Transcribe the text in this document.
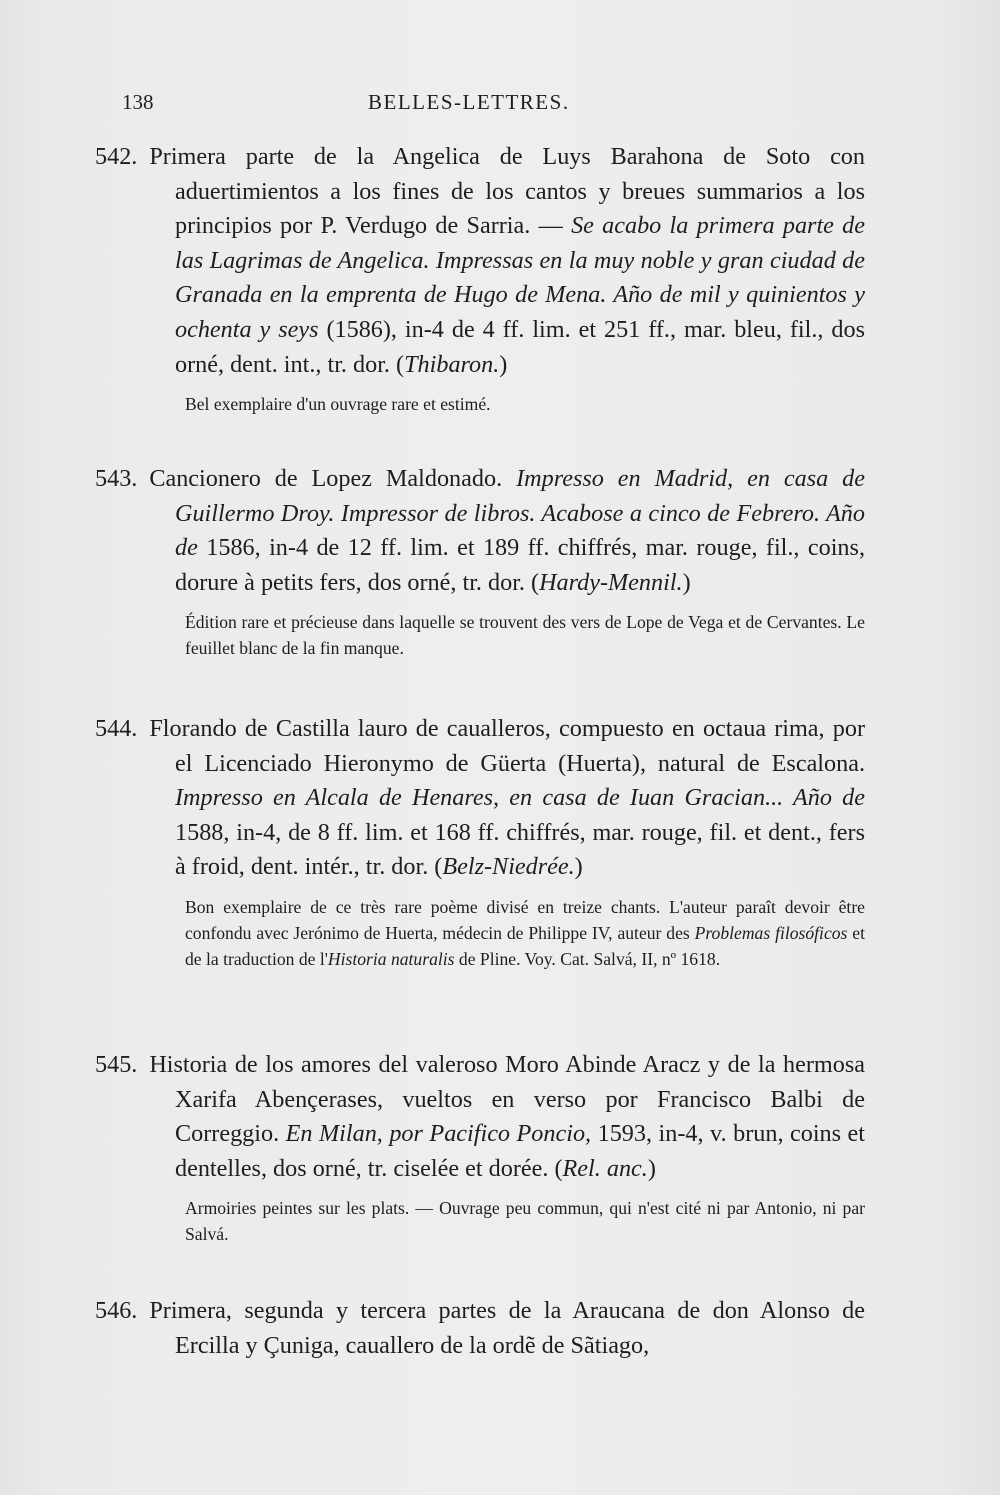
138	BELLES-LETTRES.
542. Primera parte de la Angelica de Luys Barahona de Soto con aduertimientos a los fines de los cantos y breues summarios a los principios por P. Verdugo de Sarria. — Se acabo la primera parte de las Lagrimas de Angelica. Impressas en la muy noble y gran ciudad de Granada en la emprenta de Hugo de Mena. Año de mil y quinientos y ochenta y seys (1586), in-4 de 4 ff. lim. et 251 ff., mar. bleu, fil., dos orné, dent. int., tr. dor. (Thibaron.)
Bel exemplaire d'un ouvrage rare et estimé.
543. Cancionero de Lopez Maldonado. Impresso en Madrid, en casa de Guillermo Droy. Impressor de libros. Acabose a cinco de Febrero. Año de 1586, in-4 de 12 ff. lim. et 189 ff. chiffrés, mar. rouge, fil., coins, dorure à petits fers, dos orné, tr. dor. (Hardy-Mennil.)
Édition rare et précieuse dans laquelle se trouvent des vers de Lope de Vega et de Cervantes. Le feuillet blanc de la fin manque.
544. Florando de Castilla lauro de caualleros, compuesto en octaua rima, por el Licenciado Hieronymo de Güerta (Huerta), natural de Escalona. Impresso en Alcala de Henares, en casa de Iuan Gracian... Año de 1588, in-4, de 8 ff. lim. et 168 ff. chiffrés, mar. rouge, fil. et dent., fers à froid, dent. intér., tr. dor. (Belz-Niedrée.)
Bon exemplaire de ce très rare poème divisé en treize chants. L'auteur paraît devoir être confondu avec Jerónimo de Huerta, médecin de Philippe IV, auteur des Problemas filosóficos et de la traduction de l'Historia naturalis de Pline. Voy. Cat. Salvá, II, nº 1618.
545. Historia de los amores del valeroso Moro Abinde Aracz y de la hermosa Xarifa Abençerases, vueltos en verso por Francisco Balbi de Correggio. En Milan, por Pacifico Poncio, 1593, in-4, v. brun, coins et dentelles, dos orné, tr. ciselée et dorée. (Rel. anc.)
Armoiries peintes sur les plats. — Ouvrage peu commun, qui n'est cité ni par Antonio, ni par Salvá.
546. Primera, segunda y tercera partes de la Araucana de don Alonso de Ercilla y Çuniga, cauallero de la ordẽ de Sãtiago,
